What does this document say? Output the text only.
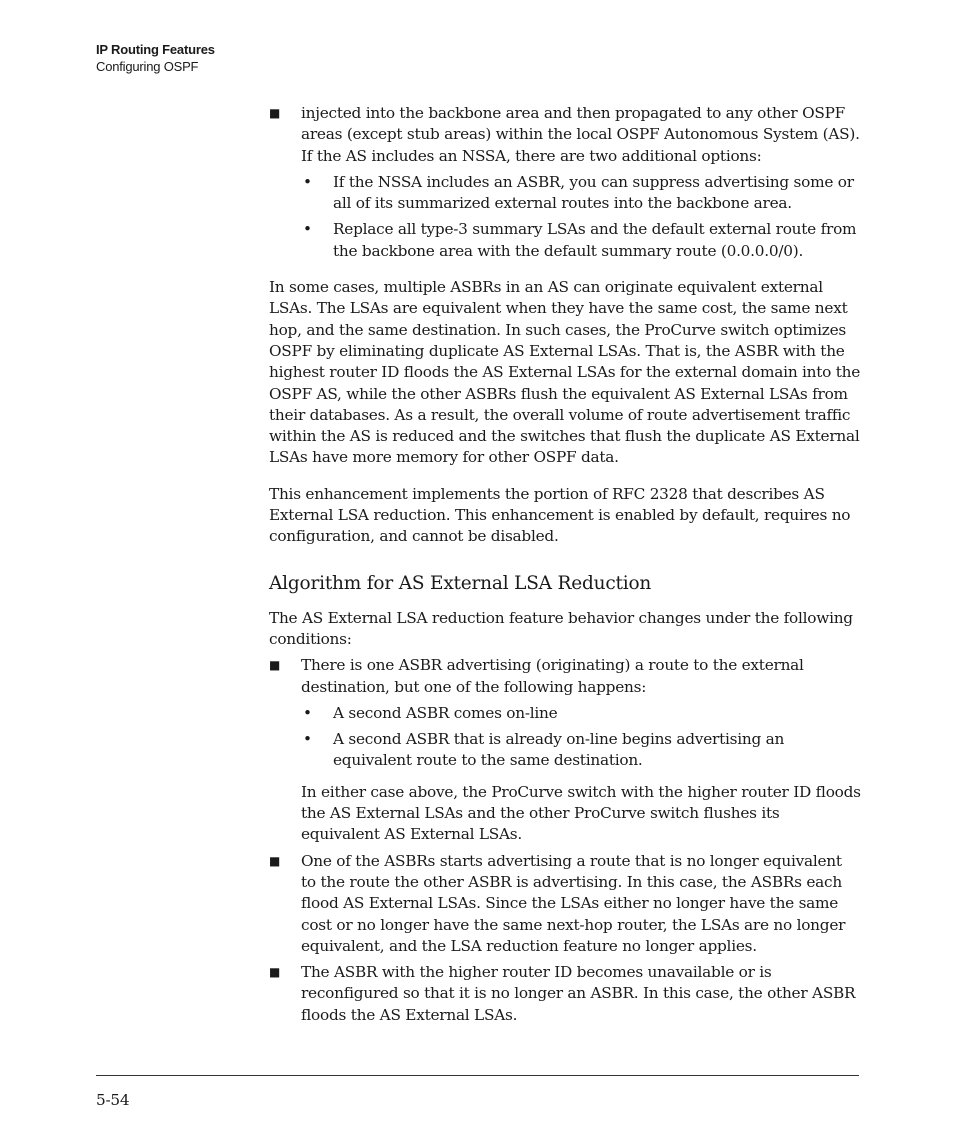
IP Routing Features
Configuring OSPF
■ injected into the backbone area and then propagated to any other OSPF areas (except stub areas) within the local OSPF Autonomous System (AS). If the AS includes an NSSA, there are two additional options:

• If the NSSA includes an ASBR, you can suppress advertising some or all of its summarized external routes into the backbone area.

• Replace all type-3 summary LSAs and the default external route from the backbone area with the default summary route (0.0.0.0/0).

In some cases, multiple ASBRs in an AS can originate equivalent external LSAs. The LSAs are equivalent when they have the same cost, the same next hop, and the same destination. In such cases, the ProCurve switch optimizes OSPF by eliminating duplicate AS External LSAs. That is, the ASBR with the highest router ID floods the AS External LSAs for the external domain into the OSPF AS, while the other ASBRs flush the equivalent AS External LSAs from their databases. As a result, the overall volume of route advertisement traffic within the AS is reduced and the switches that flush the duplicate AS External LSAs have more memory for other OSPF data.

This enhancement implements the portion of RFC 2328 that describes AS External LSA reduction. This enhancement is enabled by default, requires no configuration, and cannot be disabled.

Algorithm for AS External LSA Reduction

The AS External LSA reduction feature behavior changes under the following conditions:

■ There is one ASBR advertising (originating) a route to the external destination, but one of the following happens:

• A second ASBR comes on-line

• A second ASBR that is already on-line begins advertising an equivalent route to the same destination.

In either case above, the ProCurve switch with the higher router ID floods the AS External LSAs and the other ProCurve switch flushes its equivalent AS External LSAs.

■ One of the ASBRs starts advertising a route that is no longer equivalent to the route the other ASBR is advertising. In this case, the ASBRs each flood AS External LSAs. Since the LSAs either no longer have the same cost or no longer have the same next-hop router, the LSAs are no longer equivalent, and the LSA reduction feature no longer applies.

■ The ASBR with the higher router ID becomes unavailable or is reconfigured so that it is no longer an ASBR. In this case, the other ASBR floods the AS External LSAs.

5-54
